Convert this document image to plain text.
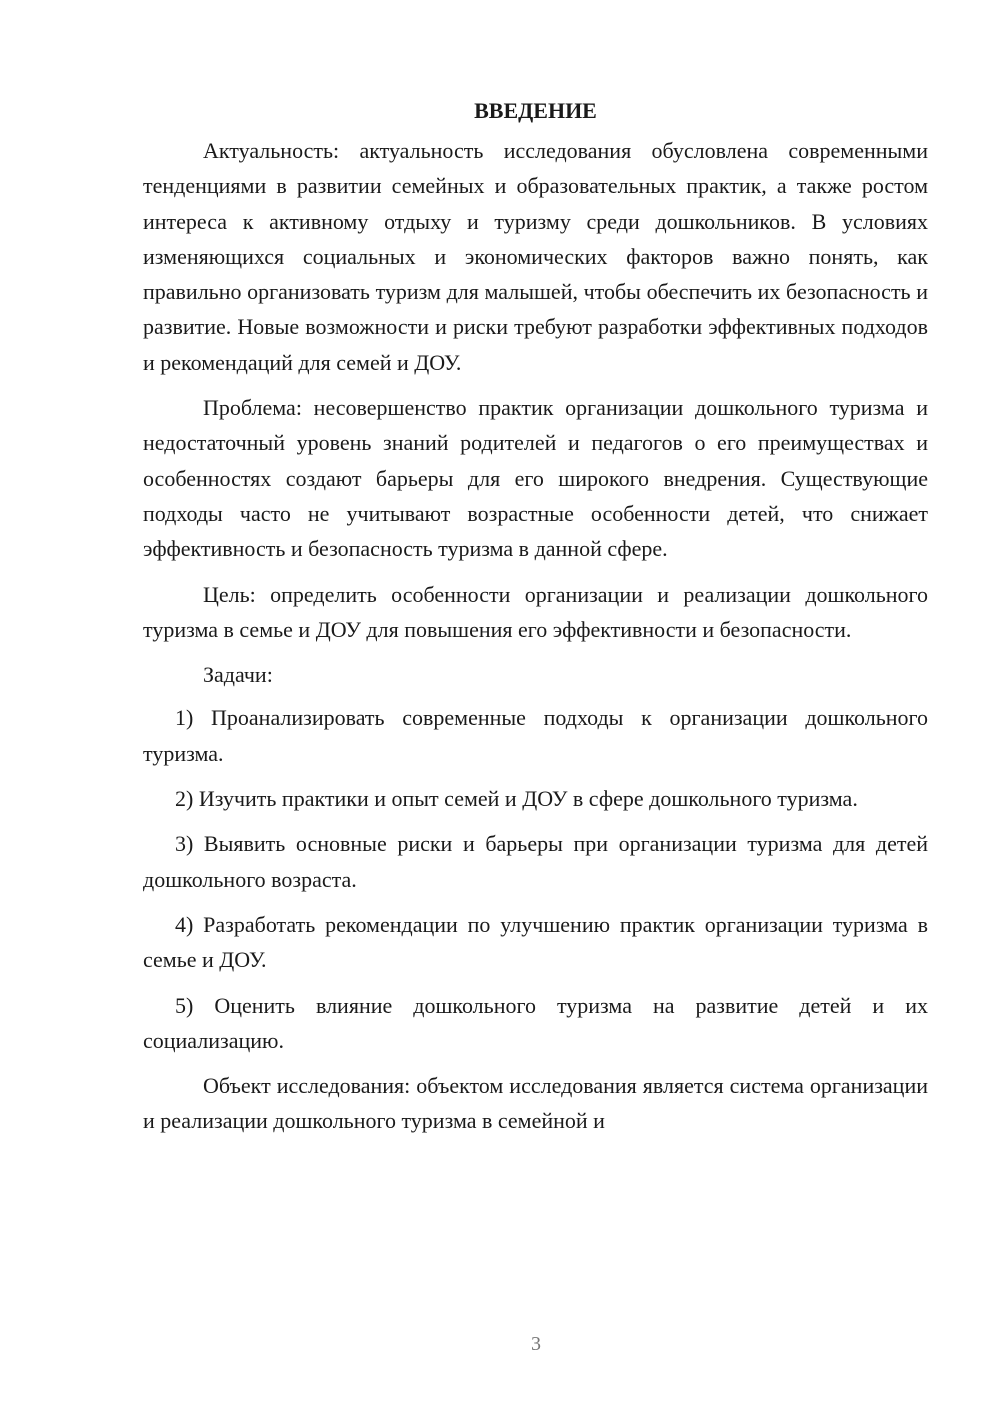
ВВЕДЕНИЕ

Актуальность: актуальность исследования обусловлена современными тенденциями в развитии семейных и образовательных практик, а также ростом интереса к активному отдыху и туризму среди дошкольников. В условиях изменяющихся социальных и экономических факторов важно понять, как правильно организовать туризм для малышей, чтобы обеспечить их безопасность и развитие. Новые возможности и риски требуют разработки эффективных подходов и рекомендаций для семей и ДОУ.

Проблема: несовершенство практик организации дошкольного туризма и недостаточный уровень знаний родителей и педагогов о его преимуществах и особенностях создают барьеры для его широкого внедрения. Существующие подходы часто не учитывают возрастные особенности детей, что снижает эффективность и безопасность туризма в данной сфере.

Цель: определить особенности организации и реализации дошкольного туризма в семье и ДОУ для повышения его эффективности и безопасности.

Задачи:

1) Проанализировать современные подходы к организации дошкольного туризма.

2) Изучить практики и опыт семей и ДОУ в сфере дошкольного туризма.

3) Выявить основные риски и барьеры при организации туризма для детей дошкольного возраста.

4) Разработать рекомендации по улучшению практик организации туризма в семье и ДОУ.

5) Оценить влияние дошкольного туризма на развитие детей и их социализацию.

Объект исследования: объектом исследования является система организации и реализации дошкольного туризма в семейной и

3
